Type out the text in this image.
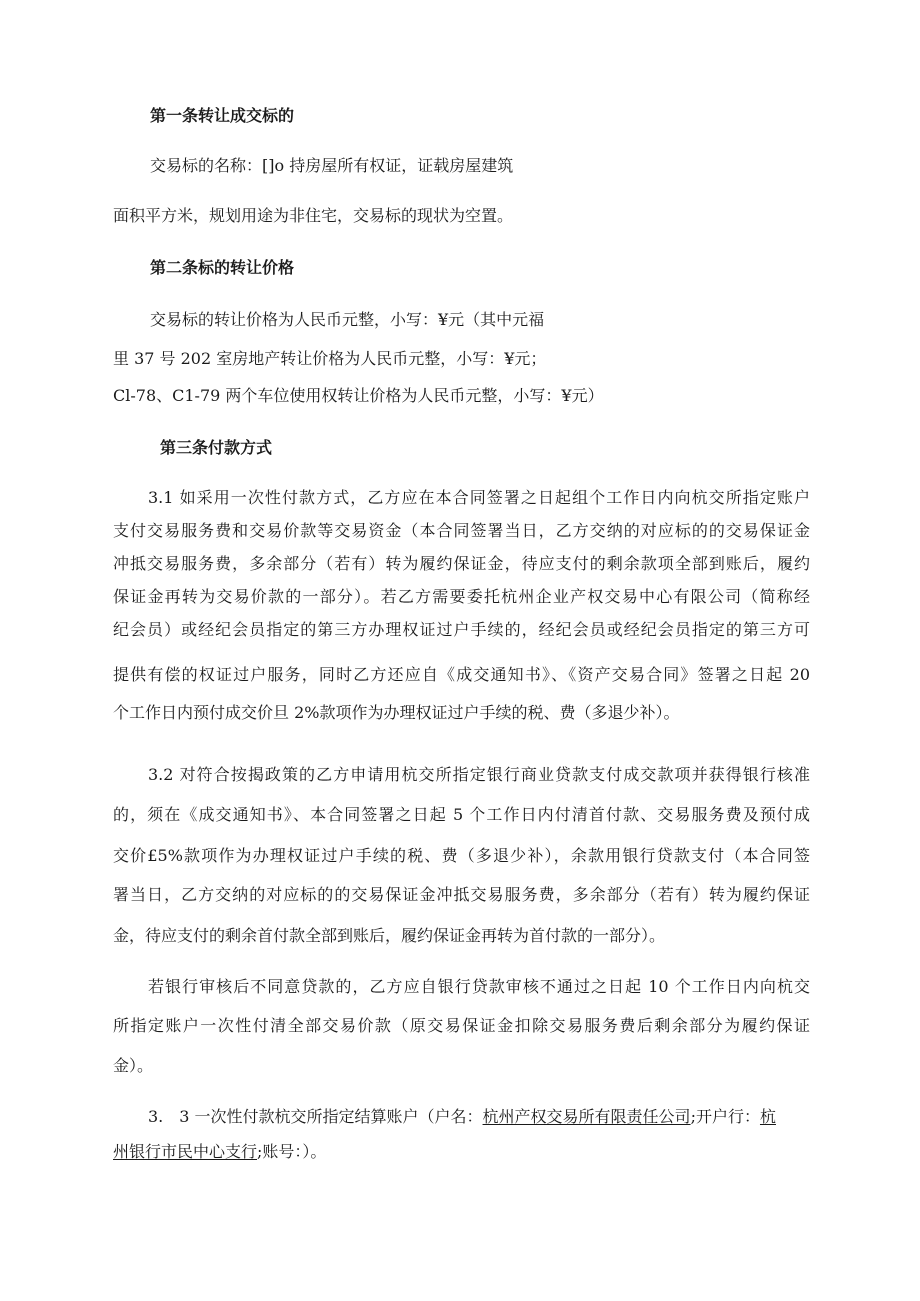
第一条转让成交标的
交易标的名称：[]o 持房屋所有权证，证载房屋建筑
面积平方米，规划用途为非住宅，交易标的现状为空置。
第二条标的转让价格
交易标的转让价格为人民币元整，小写：¥元（其中元福
里 37 号 202 室房地产转让价格为人民币元整，小写：¥元；
Cl-78、C1-79 两个车位使用权转让价格为人民币元整，小写：¥元）
第三条付款方式
3.1 如采用一次性付款方式，乙方应在本合同签署之日起组个工作日内向杭交所指定账户
支付交易服务费和交易价款等交易资金（本合同签署当日，乙方交纳的对应标的的交易保证金
冲抵交易服务费，多余部分（若有）转为履约保证金，待应支付的剩余款项全部到账后，履约
保证金再转为交易价款的一部分）。若乙方需要委托杭州企业产权交易中心有限公司（简称经
纪会员）或经纪会员指定的第三方办理权证过户手续的，经纪会员或经纪会员指定的第三方可
提供有偿的权证过户服务，同时乙方还应自《成交通知书》、《资产交易合同》签署之日起 20
个工作日内预付成交价旦 2%款项作为办理权证过户手续的税、费（多退少补）。
3.2 对符合按揭政策的乙方申请用杭交所指定银行商业贷款支付成交款项并获得银行核准
的，须在《成交通知书》、本合同签署之日起 5 个工作日内付清首付款、交易服务费及预付成
交价£5%款项作为办理权证过户手续的税、费（多退少补），余款用银行贷款支付（本合同签
署当日，乙方交纳的对应标的的交易保证金冲抵交易服务费，多余部分（若有）转为履约保证
金，待应支付的剩余首付款全部到账后，履约保证金再转为首付款的一部分）。
若银行审核后不同意贷款的，乙方应自银行贷款审核不通过之日起 10 个工作日内向杭交
所指定账户一次性付清全部交易价款（原交易保证金扣除交易服务费后剩余部分为履约保证
金）。
3.　3 一次性付款杭交所指定结算账户（户名：杭州产权交易所有限责任公司;开户行：杭
州银行市民中心支行;账号：）。
